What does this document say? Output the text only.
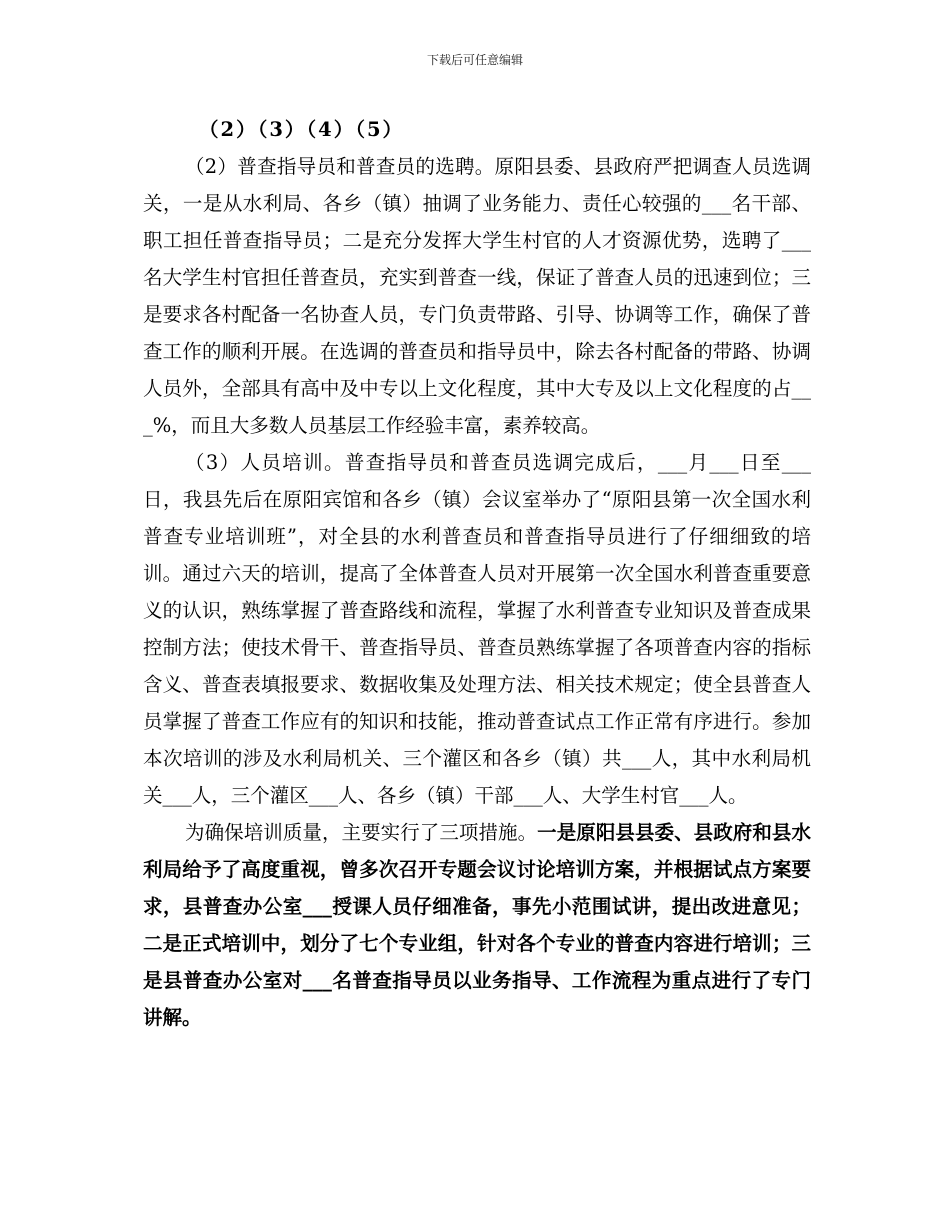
下载后可任意编辑

（2）（3）（4）（5）

（2）普查指导员和普查员的选聘。原阳县委、县政府严把调查人员选调关，一是从水利局、各乡（镇）抽调了业务能力、责任心较强的___名干部、职工担任普查指导员；二是充分发挥大学生村官的人才资源优势，选聘了___名大学生村官担任普查员，充实到普查一线，保证了普查人员的迅速到位；三是要求各村配备一名协查人员，专门负责带路、引导、协调等工作，确保了普查工作的顺利开展。在选调的普查员和指导员中，除去各村配备的带路、协调人员外，全部具有高中及中专以上文化程度，其中大专及以上文化程度的占___%，而且大多数人员基层工作经验丰富，素养较高。

（3）人员培训。普查指导员和普查员选调完成后，___月___日至___日，我县先后在原阳宾馆和各乡（镇）会议室举办了“原阳县第一次全国水利普查专业培训班”，对全县的水利普查员和普查指导员进行了仔细细致的培训。通过六天的培训，提高了全体普查人员对开展第一次全国水利普查重要意义的认识，熟练掌握了普查路线和流程，掌握了水利普查专业知识及普查成果控制方法；使技术骨干、普查指导员、普查员熟练掌握了各项普查内容的指标含义、普查表填报要求、数据收集及处理方法、相关技术规定；使全县普查人员掌握了普查工作应有的知识和技能，推动普查试点工作正常有序进行。参加本次培训的涉及水利局机关、三个灌区和各乡（镇）共___人，其中水利局机关___人，三个灌区___人、各乡（镇）干部___人、大学生村官___人。

为确保培训质量，主要实行了三项措施。一是原阳县县委、县政府和县水利局给予了高度重视，曾多次召开专题会议讨论培训方案，并根据试点方案要求，县普查办公室___授课人员仔细准备，事先小范围试讲，提出改进意见；二是正式培训中，划分了七个专业组，针对各个专业的普查内容进行培训；三是县普查办公室对___名普查指导员以业务指导、工作流程为重点进行了专门讲解。
